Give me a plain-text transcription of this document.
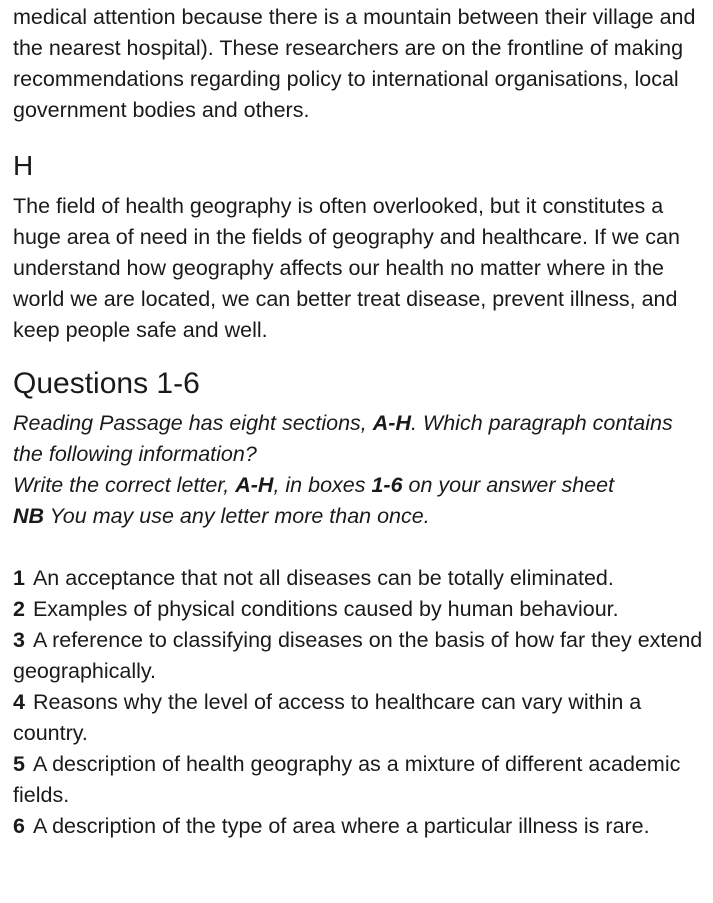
medical attention because there is a mountain between their village and the nearest hospital). These researchers are on the frontline of making recommendations regarding policy to international organisations, local government bodies and others.

H

The field of health geography is often overlooked, but it constitutes a huge area of need in the fields of geography and healthcare. If we can understand how geography affects our health no matter where in the world we are located, we can better treat disease, prevent illness, and keep people safe and well.

Questions 1-6

Reading Passage has eight sections, A-H. Which paragraph contains the following information?
Write the correct letter, A-H, in boxes 1-6 on your answer sheet
NB You may use any letter more than once.

1 An acceptance that not all diseases can be totally eliminated.

2 Examples of physical conditions caused by human behaviour.

3 A reference to classifying diseases on the basis of how far they extend geographically.

4 Reasons why the level of access to healthcare can vary within a country.

5 A description of health geography as a mixture of different academic fields.

6 A description of the type of area where a particular illness is rare.
